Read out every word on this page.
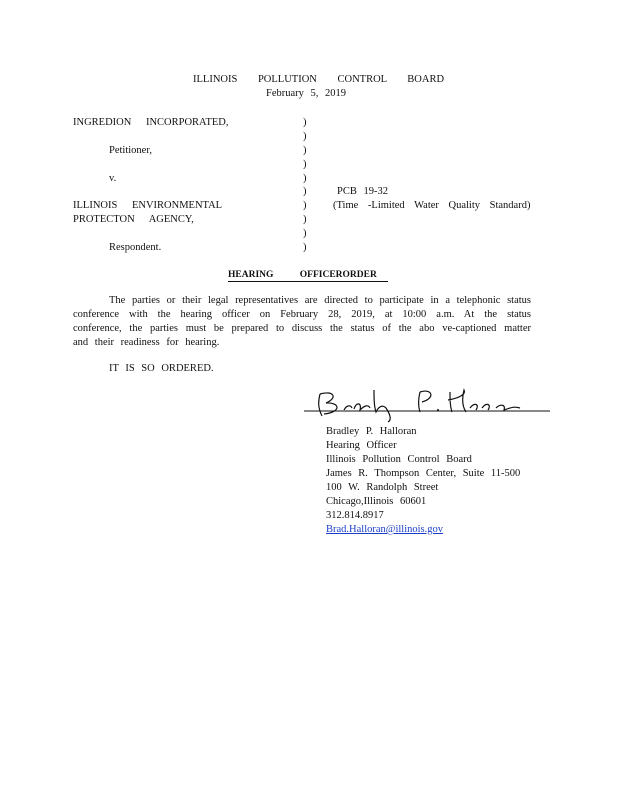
ILLINOIS POLLUTION CONTROL BOARD
February 5, 2019
INGREDION INCORPORATED,
Petitioner,
v.
ILLINOIS ENVIRONMENTAL
PROTECTON AGENCY,
Respondent.
)
)
)
)
)
)
)
)
)
)
PCB 19-32
(Time -Limited Water Quality Standard)
HEARING	OFFICERORDER
The parties or their legal representatives are directed to participate in a telephonic status conference with the hearing officer on February 28, 2019, at 10:00 a.m. At the status conference, the parties must be prepared to discuss the status of the abo ve-captioned matter and their readiness for hearing.
IT IS SO ORDERED.
Bradley P. Halloran
Hearing Officer
Illinois Pollution Control Board
James R. Thompson Center, Suite 11-500
100 W. Randolph Street
Chicago,Illinois 60601
312.814.8917
Brad.Halloran@illinois.gov
